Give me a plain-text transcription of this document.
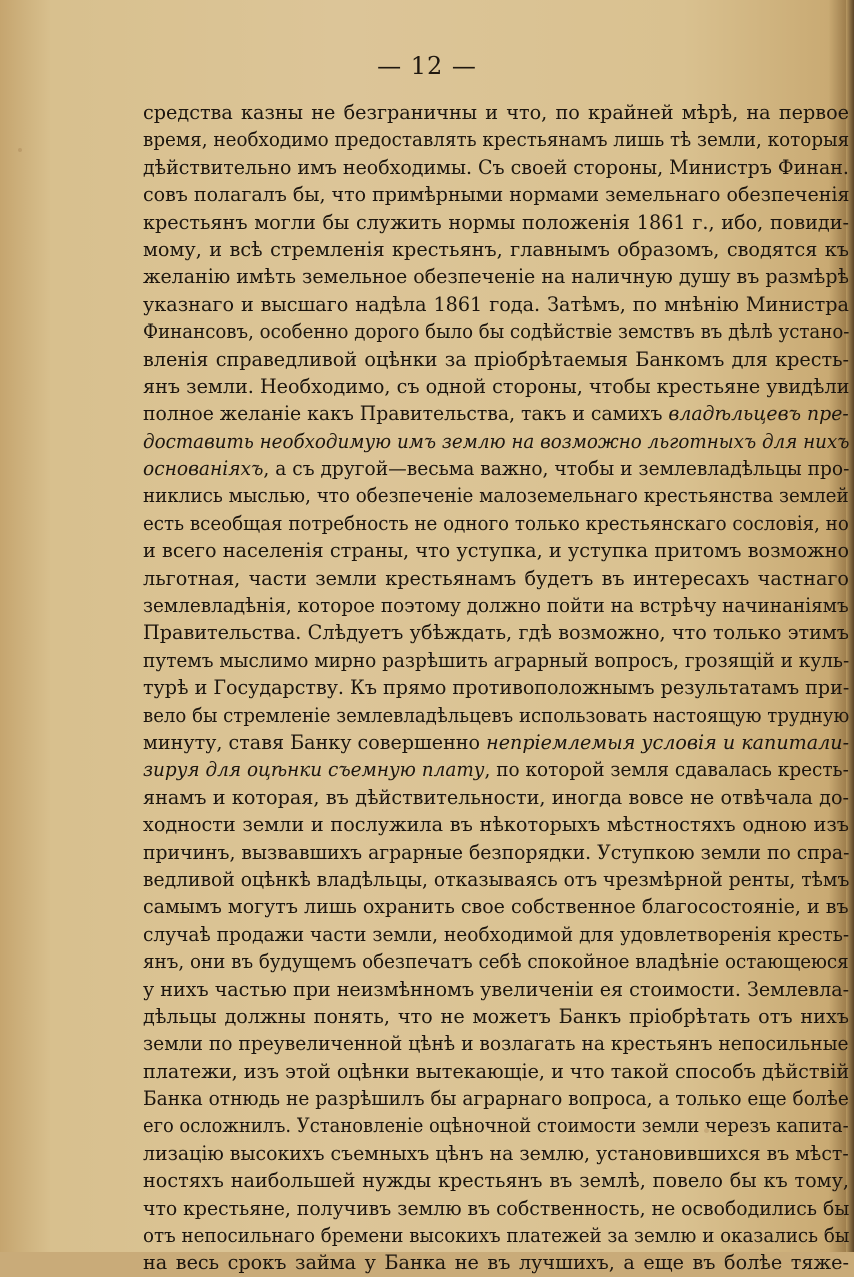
— 12 —
средства казны не безграничны и что, по крайней мѣрѣ, на первое
время, необходимо предоставлять крестьянамъ лишь тѣ земли, которыя
дѣйствительно имъ необходимы. Съ своей стороны, Министръ Финан.
совъ полагалъ бы, что примѣрными нормами земельнаго обезпеченія
крестьянъ могли бы служить нормы положенія 1861 г., ибо, повиди-
мому, и всѣ стремленія крестьянъ, главнымъ образомъ, сводятся къ
желанію имѣть земельное обезпеченіе на наличную душу въ размѣрѣ
указнаго и высшаго надѣла 1861 года. Затѣмъ, по мнѣнію Министра
Финансовъ, особенно дорого было бы содѣйствіе земствъ въ дѣлѣ устано-
вленія справедливой оцѣнки за пріобрѣтаемыя Банкомъ для кресть-
янъ земли. Необходимо, съ одной стороны, чтобы крестьяне увидѣли
полное желаніе какъ Правительства, такъ и самихъ владѣльцевъ пре-
доставить необходимую имъ землю на возможно льготныхъ для нихъ
основаніяхъ, а съ другой—весьма важно, чтобы и землевладѣльцы про-
никлись мыслью, что обезпеченіе малоземельнаго крестьянства землей
есть всеобщая потребность не одного только крестьянскаго сословія, но
и всего населенія страны, что уступка, и уступка притомъ возможно
льготная, части земли крестьянамъ будетъ въ интересахъ частнаго
землевладѣнія, которое поэтому должно пойти на встрѣчу начинаніямъ
Правительства. Слѣдуетъ убѣждать, гдѣ возможно, что только этимъ
путемъ мыслимо мирно разрѣшить аграрный вопросъ, грозящій и куль-
турѣ и Государству. Къ прямо противоположнымъ результатамъ при-
вело бы стремленіе землевладѣльцевъ использовать настоящую трудную
минуту, ставя Банку совершенно непріемлемыя условія и капитали-
зируя для оцѣнки съемную плату, по которой земля сдавалась кресть-
янамъ и которая, въ дѣйствительности, иногда вовсе не отвѣчала до-
ходности земли и послужила въ нѣкоторыхъ мѣстностяхъ одною изъ
причинъ, вызвавшихъ аграрные безпорядки. Уступкою земли по спра-
ведливой оцѣнкѣ владѣльцы, отказываясь отъ чрезмѣрной ренты, тѣмъ
самымъ могутъ лишь охранить свое собственное благосостояніе, и въ
случаѣ продажи части земли, необходимой для удовлетворенія кресть-
янъ, они въ будущемъ обезпечатъ себѣ спокойное владѣніе остающеюся
у нихъ частью при неизмѣнномъ увеличеніи ея стоимости. Землевла-
дѣльцы должны понять, что не можетъ Банкъ пріобрѣтать отъ нихъ
земли по преувеличенной цѣнѣ и возлагать на крестьянъ непосильные
платежи, изъ этой оцѣнки вытекающіе, и что такой способъ дѣйствій
Банка отнюдь не разрѣшилъ бы аграрнаго вопроса, а только еще болѣе
его осложнилъ. Установленіе оцѣночной стоимости земли черезъ капита-
лизацію высокихъ съемныхъ цѣнъ на землю, установившихся въ мѣст-
ностяхъ наибольшей нужды крестьянъ въ землѣ, повело бы къ тому,
что крестьяне, получивъ землю въ собственность, не освободились бы
отъ непосильнаго бремени высокихъ платежей за землю и оказались бы
на весь срокъ займа у Банка не въ лучшихъ, а еще въ болѣе тяже-
